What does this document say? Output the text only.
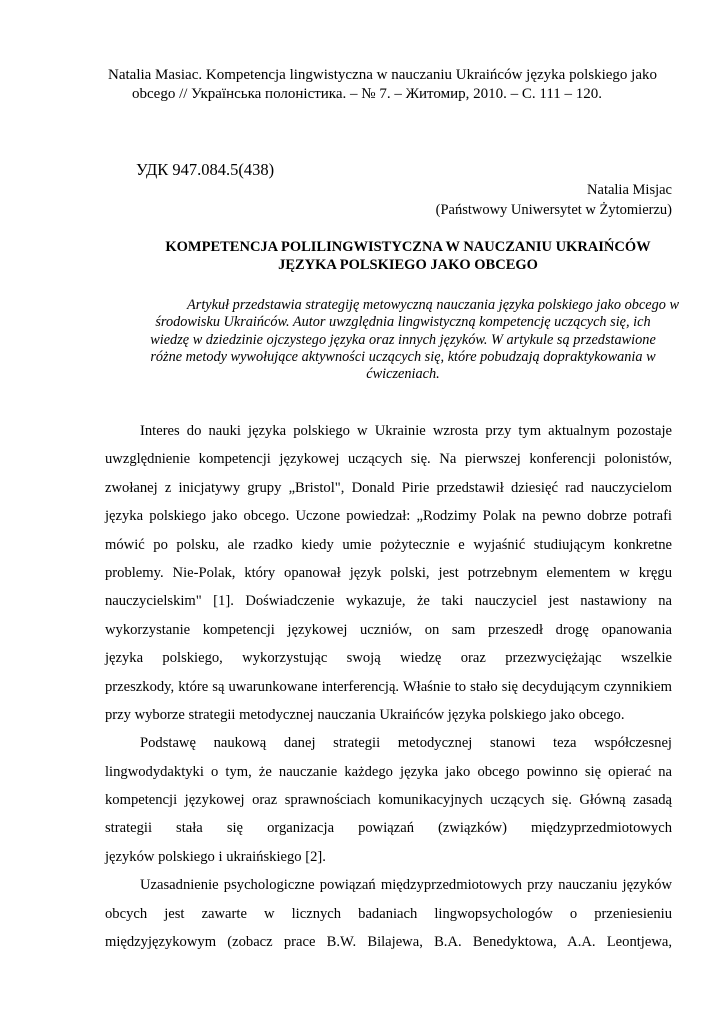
Natalia Masiac. Kompetencja lingwistyczna w nauczaniu Ukraińców języka polskiego jako
obcego // Українська полоністика. – № 7. – Житомир, 2010. – С. 111 – 120.
УДК 947.084.5(438)
Natalia Misjac
(Państwowy Uniwersytet w Żytomierzu)
KOMPETENCJA POLILINGWISTYCZNA W NAUCZANIU UKRAIŃCÓW
JĘZYKA POLSKIEGO JAKO OBCEGO
Artykuł przedstawia strategiję metowyczną nauczania języka polskiego jako obcego w
środowisku Ukraińców. Autor uwzględnia lingwistyczną kompetencję uczących się, ich
wiedzę w dziedzinie ojczystego języka oraz innych języków. W artykule są przedstawione
różne metody wywołujące aktywności uczących się, które pobudzają dopraktykowania w
ćwiczeniach.
Interes do nauki języka polskiego w Ukrainie wzrosta przy tym aktualnym pozostaje
uwzględnienie kompetencji językowej uczących się. Na pierwszej konferencji polonistów,
zwołanej z inicjatywy grupy „Bristol", Donald Pirie przedstawił dziesięć rad nauczycielom
języka polskiego jako obcego. Uczone powiedzał: „Rodzimy Polak na pewno dobrze potrafi
mówić po polsku, ale rzadko kiedy umie pożytecznie e wyjaśnić studiującym konkretne
problemy. Nie-Polak, który opanował język polski, jest potrzebnym elementem w kręgu
nauczycielskim" [1]. Doświadczenie wykazuje, że taki nauczyciel jest nastawiony na
wykorzystanie kompetencji językowej uczniów, on sam przeszedł drogę opanowania
języka polskiego, wykorzystując swoją wiedzę oraz przezwyciężając wszelkie
przeszkody, które są uwarunkowane interferencją. Właśnie to stało się decydującym czynnikiem
przy wyborze strategii metodycznej nauczania Ukraińców języka polskiego jako obcego.
Podstawę naukową danej strategii metodycznej stanowi teza współczesnej
lingwodydaktyki o tym, że nauczanie każdego języka jako obcego powinno się opierać na
kompetencji językowej oraz sprawnościach komunikacyjnych uczących się. Główną zasadą
strategii stała się organizacja powiązań (związków) międzyprzedmiotowych
języków polskiego i ukraińskiego [2].
Uzasadnienie psychologiczne powiązań międzyprzedmiotowych przy nauczaniu języków
obcych jest zawarte w licznych badaniach lingwopsychologów o przeniesieniu
międzyjęzykowym (zobacz prace B.W. Bilajewa, B.A. Benedyktowa, A.A. Leontjewa,
